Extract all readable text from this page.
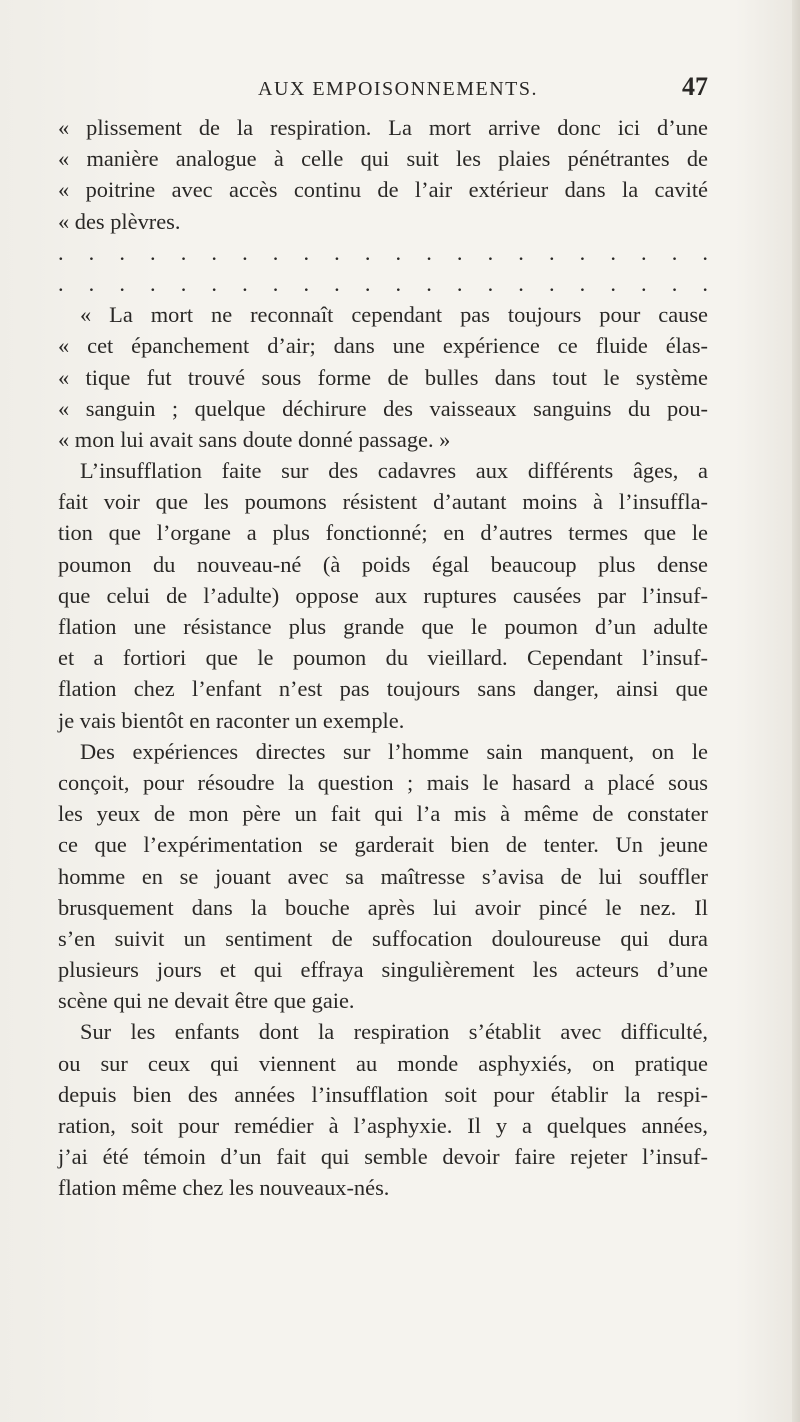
AUX EMPOISONNEMENTS.	47
« plissement de la respiration. La mort arrive donc ici d’une
« manière analogue à celle qui suit les plaies pénétrantes de
« poitrine avec accès continu de l’air extérieur dans la cavité
« des plèvres.
. . . . . . . . . . . . . . . . . . . . . .
. . . . . . . . . . . . . . . . . . . . . .
« La mort ne reconnaît cependant pas toujours pour cause
« cet épanchement d’air; dans une expérience ce fluide élas-
« tique fut trouvé sous forme de bulles dans tout le système
« sanguin ; quelque déchirure des vaisseaux sanguins du pou-
« mon lui avait sans doute donné passage. »
L’insufflation faite sur des cadavres aux différents âges, a
fait voir que les poumons résistent d’autant moins à l’insuffla-
tion que l’organe a plus fonctionné; en d’autres termes que le
poumon du nouveau-né (à poids égal beaucoup plus dense
que celui de l’adulte) oppose aux ruptures causées par l’insuf-
flation une résistance plus grande que le poumon d’un adulte
et a fortiori que le poumon du vieillard. Cependant l’insuf-
flation chez l’enfant n’est pas toujours sans danger, ainsi que
je vais bientôt en raconter un exemple.
Des expériences directes sur l’homme sain manquent, on le
conçoit, pour résoudre la question ; mais le hasard a placé sous
les yeux de mon père un fait qui l’a mis à même de constater
ce que l’expérimentation se garderait bien de tenter. Un jeune
homme en se jouant avec sa maîtresse s’avisa de lui souffler
brusquement dans la bouche après lui avoir pincé le nez. Il
s’en suivit un sentiment de suffocation douloureuse qui dura
plusieurs jours et qui effraya singulièrement les acteurs d’une
scène qui ne devait être que gaie.
Sur les enfants dont la respiration s’établit avec difficulté,
ou sur ceux qui viennent au monde asphyxiés, on pratique
depuis bien des années l’insufflation soit pour établir la respi-
ration, soit pour remédier à l’asphyxie. Il y a quelques années,
j’ai été témoin d’un fait qui semble devoir faire rejeter l’insuf-
flation même chez les nouveaux-nés.
